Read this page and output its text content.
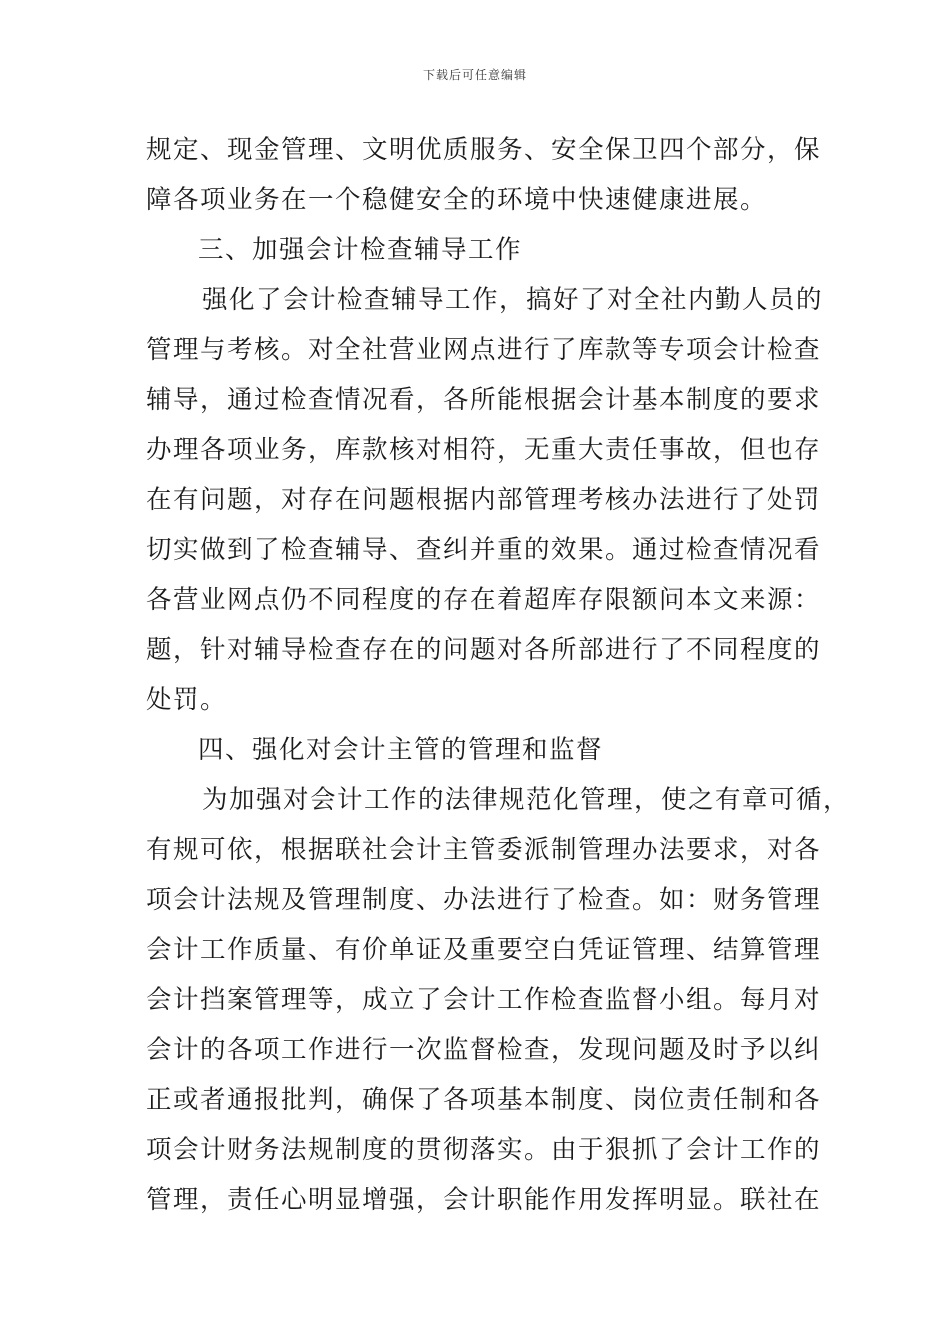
下载后可任意编辑
规定、现金管理、文明优质服务、安全保卫四个部分，保
障各项业务在一个稳健安全的环境中快速健康进展。
三、加强会计检查辅导工作
强化了会计检查辅导工作，搞好了对全社内勤人员的
管理与考核。对全社营业网点进行了库款等专项会计检查
辅导，通过检查情况看，各所能根据会计基本制度的要求
办理各项业务，库款核对相符，无重大责任事故，但也存
在有问题，对存在问题根据内部管理考核办法进行了处罚
切实做到了检查辅导、查纠并重的效果。通过检查情况看
各营业网点仍不同程度的存在着超库存限额问本文来源：
题，针对辅导检查存在的问题对各所部进行了不同程度的
处罚。
四、强化对会计主管的管理和监督
为加强对会计工作的法律规范化管理，使之有章可循，
有规可依，根据联社会计主管委派制管理办法要求，对各
项会计法规及管理制度、办法进行了检查。如：财务管理
会计工作质量、有价单证及重要空白凭证管理、结算管理
会计挡案管理等，成立了会计工作检查监督小组。每月对
会计的各项工作进行一次监督检查，发现问题及时予以纠
正或者通报批判，确保了各项基本制度、岗位责任制和各
项会计财务法规制度的贯彻落实。由于狠抓了会计工作的
管理，责任心明显增强，会计职能作用发挥明显。联社在
